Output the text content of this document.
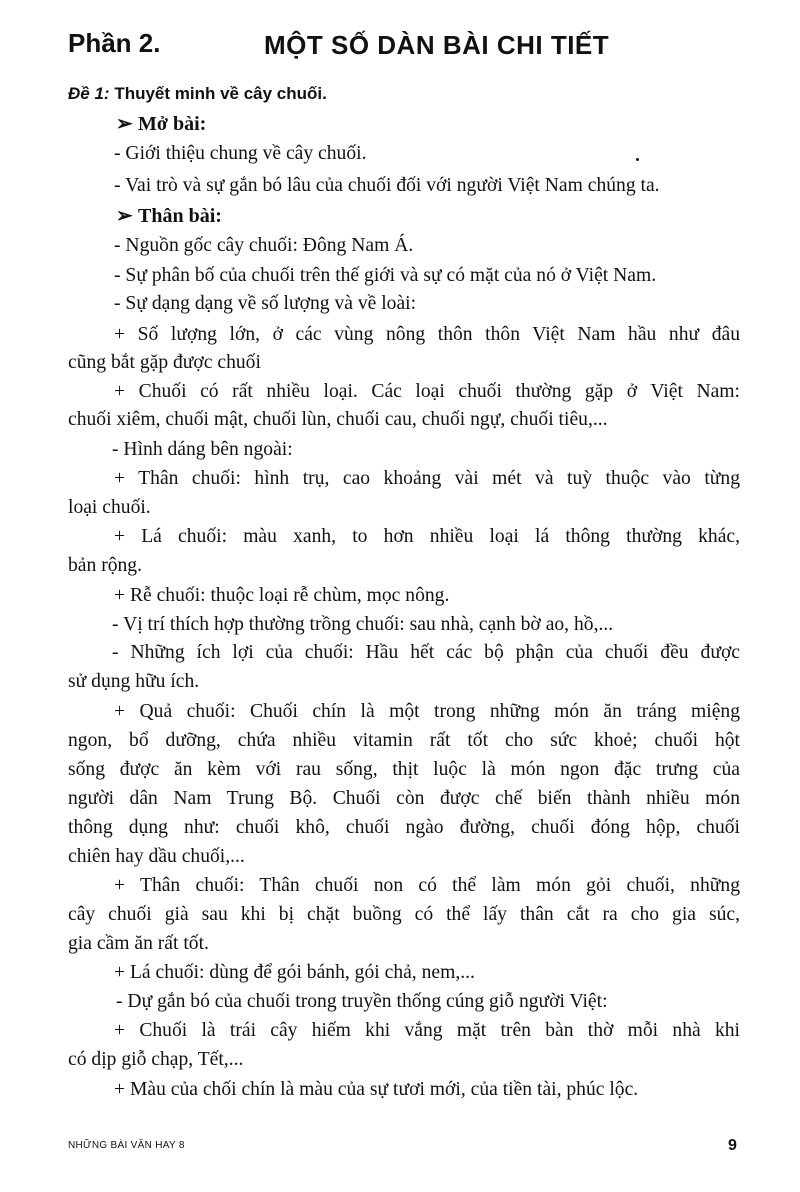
Phần 2.	MỘT SỐ DÀN BÀI CHI TIẾT
Đề 1: Thuyết minh về cây chuối.
➢ Mở bài:
- Giới thiệu chung về cây chuối.
- Vai trò và sự gắn bó lâu của chuối đối với người Việt Nam chúng ta.
➢ Thân bài:
- Nguồn gốc cây chuối: Đông Nam Á.
- Sự phân bố của chuối trên thế giới và sự có mặt của nó ở Việt Nam.
- Sự dạng dạng về số lượng và về loài:
+ Số lượng lớn, ở các vùng nông thôn thôn Việt Nam hầu như đâu
cũng bắt gặp được chuối
+ Chuối có rất nhiều loại. Các loại chuối thường gặp ở Việt Nam:
chuối xiêm, chuối mật, chuối lùn, chuối cau, chuối ngự, chuối tiêu,...
- Hình dáng bên ngoài:
+ Thân chuối: hình trụ, cao khoảng vài mét và tuỳ thuộc vào từng
loại chuối.
+ Lá chuối: màu xanh, to hơn nhiều loại lá thông thường khác,
bản rộng.
+ Rễ chuối: thuộc loại rễ chùm, mọc nông.
- Vị trí thích hợp thường trồng chuối: sau nhà, cạnh bờ ao, hồ,...
- Những ích lợi của chuối: Hầu hết các bộ phận của chuối đều được
sử dụng hữu ích.
+ Quả chuối: Chuối chín là một trong những món ăn tráng miệng
ngon, bổ dưỡng, chứa nhiều vitamin rất tốt cho sức khoẻ; chuối hột
sống được ăn kèm với rau sống, thịt luộc là món ngon đặc trưng của
người dân Nam Trung Bộ. Chuối còn được chế biến thành nhiều món
thông dụng như: chuối khô, chuối ngào đường, chuối đóng hộp, chuối
chiên hay dầu chuối,...
+ Thân chuối: Thân chuối non có thể làm món gỏi chuối, những
cây chuối già sau khi bị chặt buồng có thể lấy thân cắt ra cho gia súc,
gia cầm ăn rất tốt.
+ Lá chuối: dùng để gói bánh, gói chả, nem,...
- Dự gắn bó của chuối trong truyền thống cúng giỗ người Việt:
+ Chuối là trái cây hiếm khi vắng mặt trên bàn thờ mỗi nhà khi
có dịp giỗ chạp, Tết,...
+ Màu của chối chín là màu của sự tươi mới, của tiền tài, phúc lộc.
NHỮNG BÀI VĂN HAY 8	9
